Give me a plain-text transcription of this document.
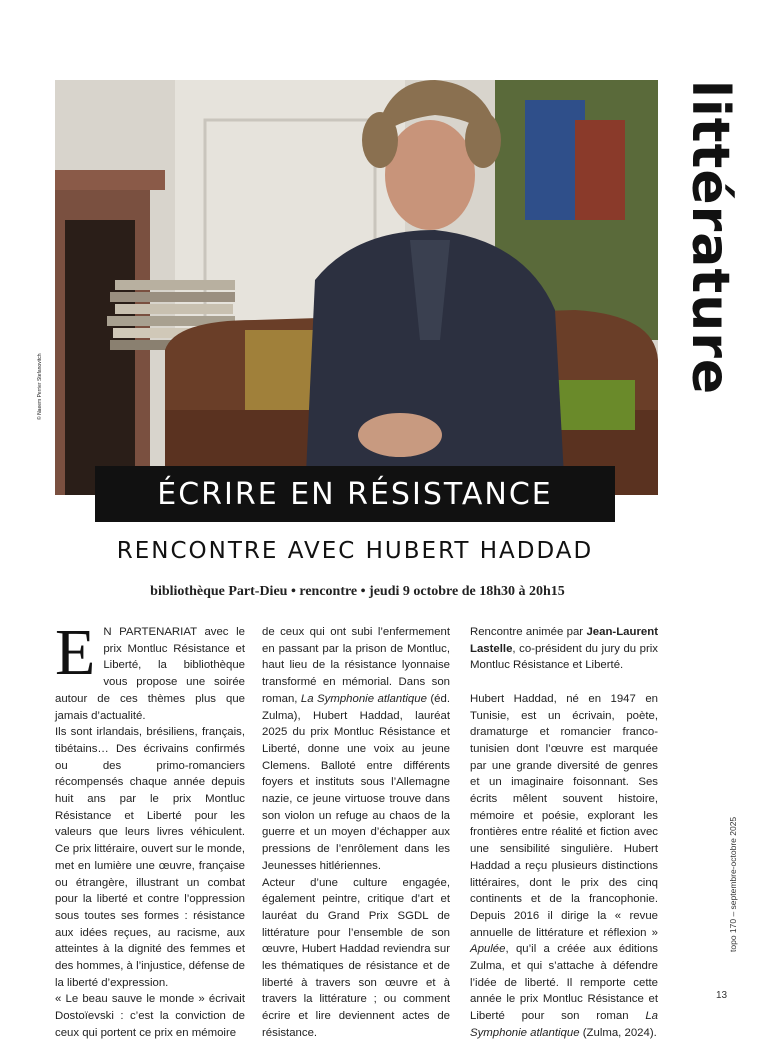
© Naeem Perrier Stefanovitch	littérature
ÉCRIRE EN RÉSISTANCE
RENCONTRE AVEC HUBERT HADDAD
bibliothèque Part-Dieu • rencontre • jeudi 9 octobre de 18h30 à 20h15

E N PARTENARIAT avec le prix Montluc Résistance et Liberté, la bibliothèque vous propose une soirée autour de ces thèmes plus que jamais d’actualité.

Ils sont irlandais, brésiliens, français, tibétains… Des écrivains confirmés ou des primo-romanciers récompensés chaque année depuis huit ans par le prix Montluc Résistance et Liberté pour les valeurs que leurs livres véhiculent. Ce prix littéraire, ouvert sur le monde, met en lumière une œuvre, française ou étrangère, illustrant un combat pour la liberté et contre l’oppression sous toutes ses formes : résistance aux idées reçues, au racisme, aux atteintes à la dignité des femmes et des hommes, à l’injustice, défense de la liberté d’expression.

« Le beau sauve le monde » écrivait Dostoïevski : c’est la conviction de ceux qui portent ce prix en mémoire

de ceux qui ont subi l’enfermement en passant par la prison de Montluc, haut lieu de la résistance lyonnaise transformé en mémorial. Dans son roman, La Symphonie atlantique (éd. Zulma), Hubert Haddad, lauréat 2025 du prix Montluc Résistance et Liberté, donne une voix au jeune Clemens. Balloté entre différents foyers et instituts sous l’Allemagne nazie, ce jeune virtuose trouve dans son violon un refuge au chaos de la guerre et un moyen d’échapper aux pressions de l’enrôlement dans les Jeunesses hitlériennes.

Acteur d’une culture engagée, également peintre, critique d’art et lauréat du Grand Prix SGDL de littérature pour l’ensemble de son œuvre, Hubert Haddad reviendra sur les thématiques de résistance et de liberté à travers son œuvre et à travers la littérature ; ou comment écrire et lire deviennent actes de résistance.

Rencontre animée par Jean-Laurent Lastelle, co-président du jury du prix Montluc Résistance et Liberté.

Hubert Haddad, né en 1947 en Tunisie, est un écrivain, poète, dramaturge et romancier franco-tunisien dont l’œuvre est marquée par une grande diversité de genres et un imaginaire foisonnant. Ses écrits mêlent souvent histoire, mémoire et poésie, explorant les frontières entre réalité et fiction avec une sensibilité singulière. Hubert Haddad a reçu plusieurs distinctions littéraires, dont le prix des cinq continents et de la francophonie. Depuis 2016 il dirige la « revue annuelle de littérature et réflexion » Apulée, qu’il a créée aux éditions Zulma, et qui s’attache à défendre l’idée de liberté. Il remporte cette année le prix Montluc Résistance et Liberté pour son roman La Symphonie atlantique (Zulma, 2024).

topo 170 – septembre-octobre 2025
13
